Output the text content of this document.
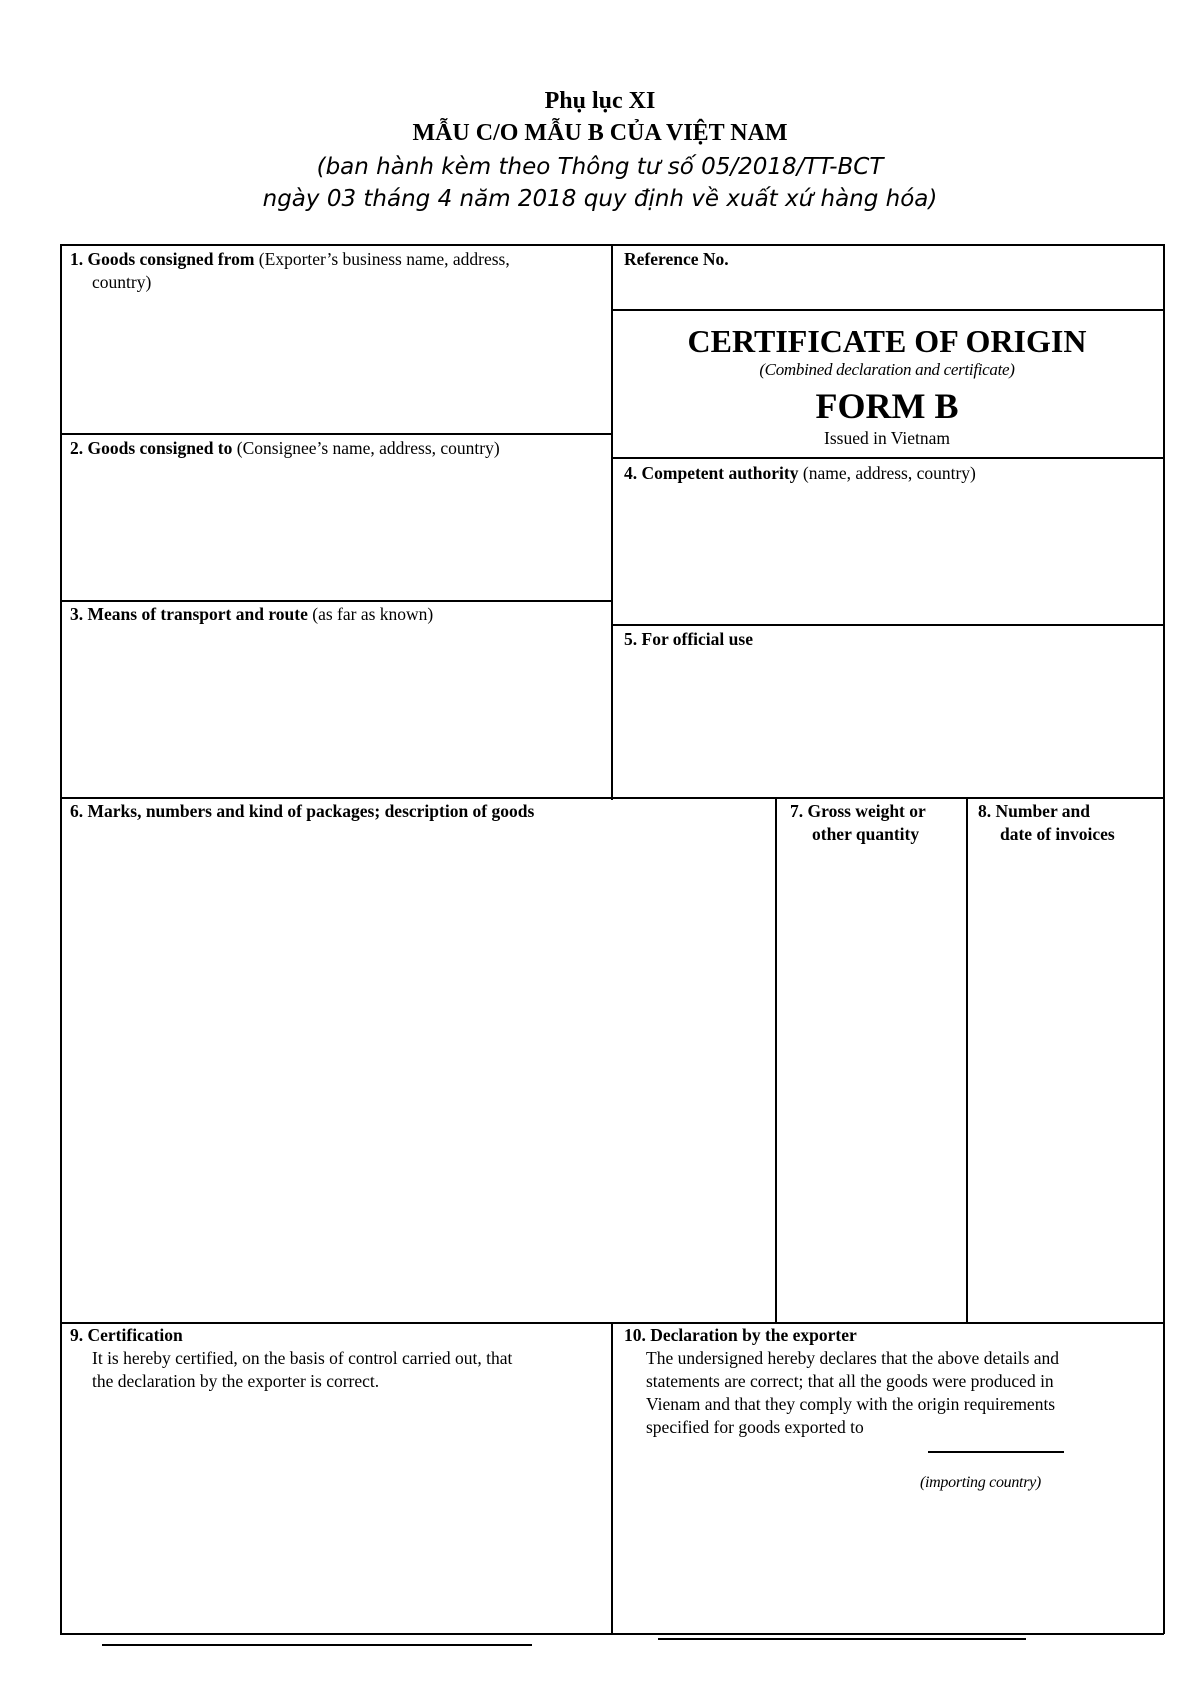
Phụ lục XI
MẪU C/O MẪU B CỦA VIỆT NAM
(ban hành kèm theo Thông tư số 05/2018/TT-BCT
ngày 03 tháng 4 năm 2018 quy định về xuất xứ hàng hóa)
1. Goods consigned from (Exporter’s business name, address,
country)
2. Goods consigned to (Consignee’s name, address, country)
3. Means of transport and route (as far as known)
Reference No.
CERTIFICATE OF ORIGIN
(Combined declaration and certificate)
FORM B
Issued in Vietnam
4. Competent authority (name, address, country)
5. For official use
6. Marks, numbers and kind of packages; description of goods	7. Gross weight or
other quantity
8. Number and
date of invoices
9. Certification
It is hereby certified, on the basis of control carried out, that
the declaration by the exporter is correct.
10. Declaration by the exporter
The undersigned hereby declares that the above details and
statements are correct; that all the goods were produced in
Vienam and that they comply with the origin requirements
specified for goods exported to
(importing country)
